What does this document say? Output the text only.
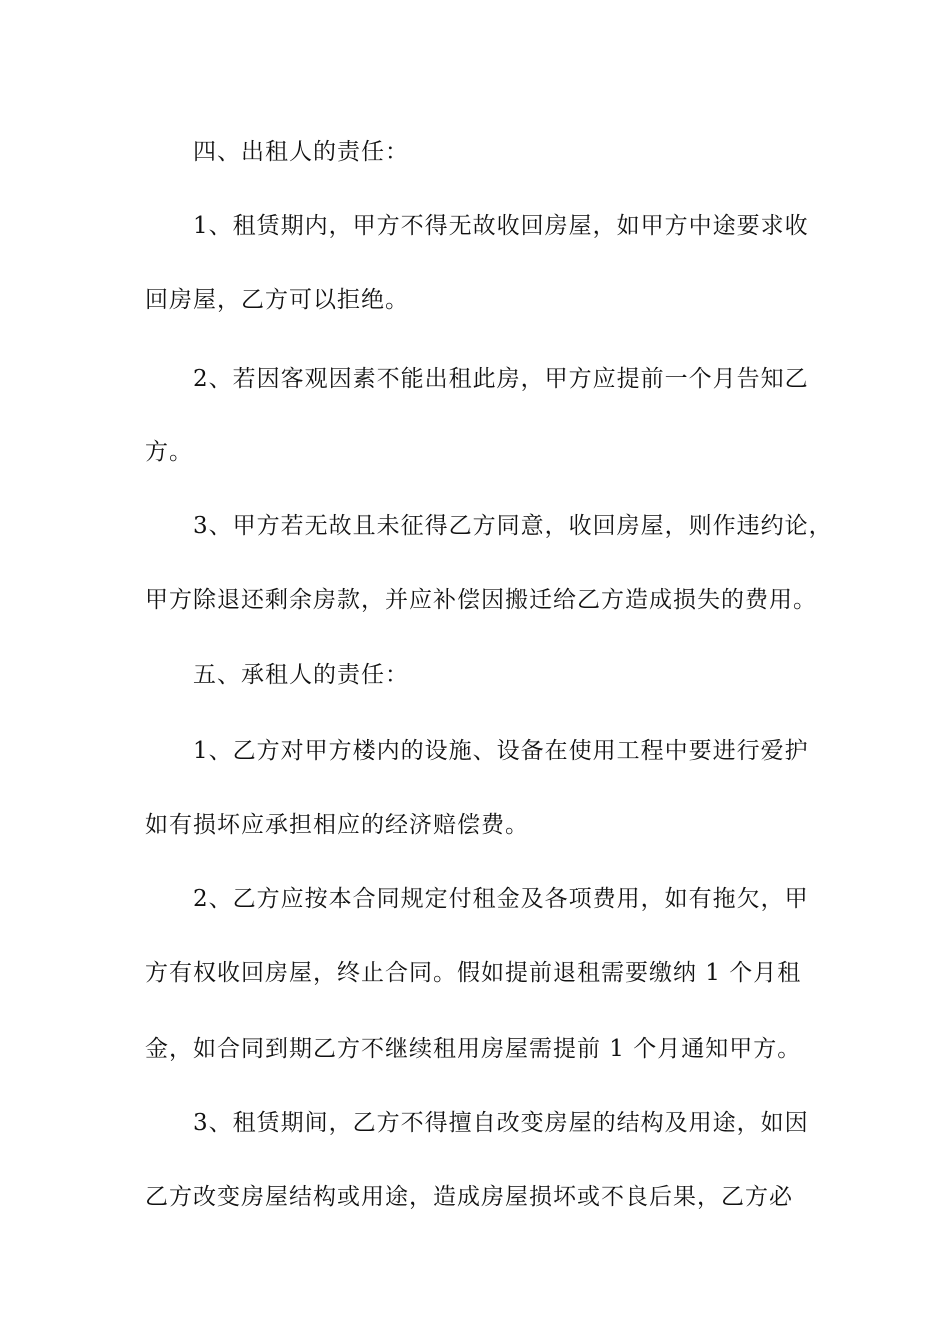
四、出租人的责任：
1、租赁期内，甲方不得无故收回房屋，如甲方中途要求收
回房屋，乙方可以拒绝。
2、若因客观因素不能出租此房，甲方应提前一个月告知乙
方。
3、甲方若无故且未征得乙方同意，收回房屋，则作违约论，
甲方除退还剩余房款，并应补偿因搬迁给乙方造成损失的费用。
五、承租人的责任：
1、乙方对甲方楼内的设施、设备在使用工程中要进行爱护
如有损坏应承担相应的经济赔偿费。
2、乙方应按本合同规定付租金及各项费用，如有拖欠，甲
方有权收回房屋，终止合同。假如提前退租需要缴纳 1 个月租
金，如合同到期乙方不继续租用房屋需提前 1 个月通知甲方。
3、租赁期间，乙方不得擅自改变房屋的结构及用途，如因
乙方改变房屋结构或用途，造成房屋损坏或不良后果，乙方必
